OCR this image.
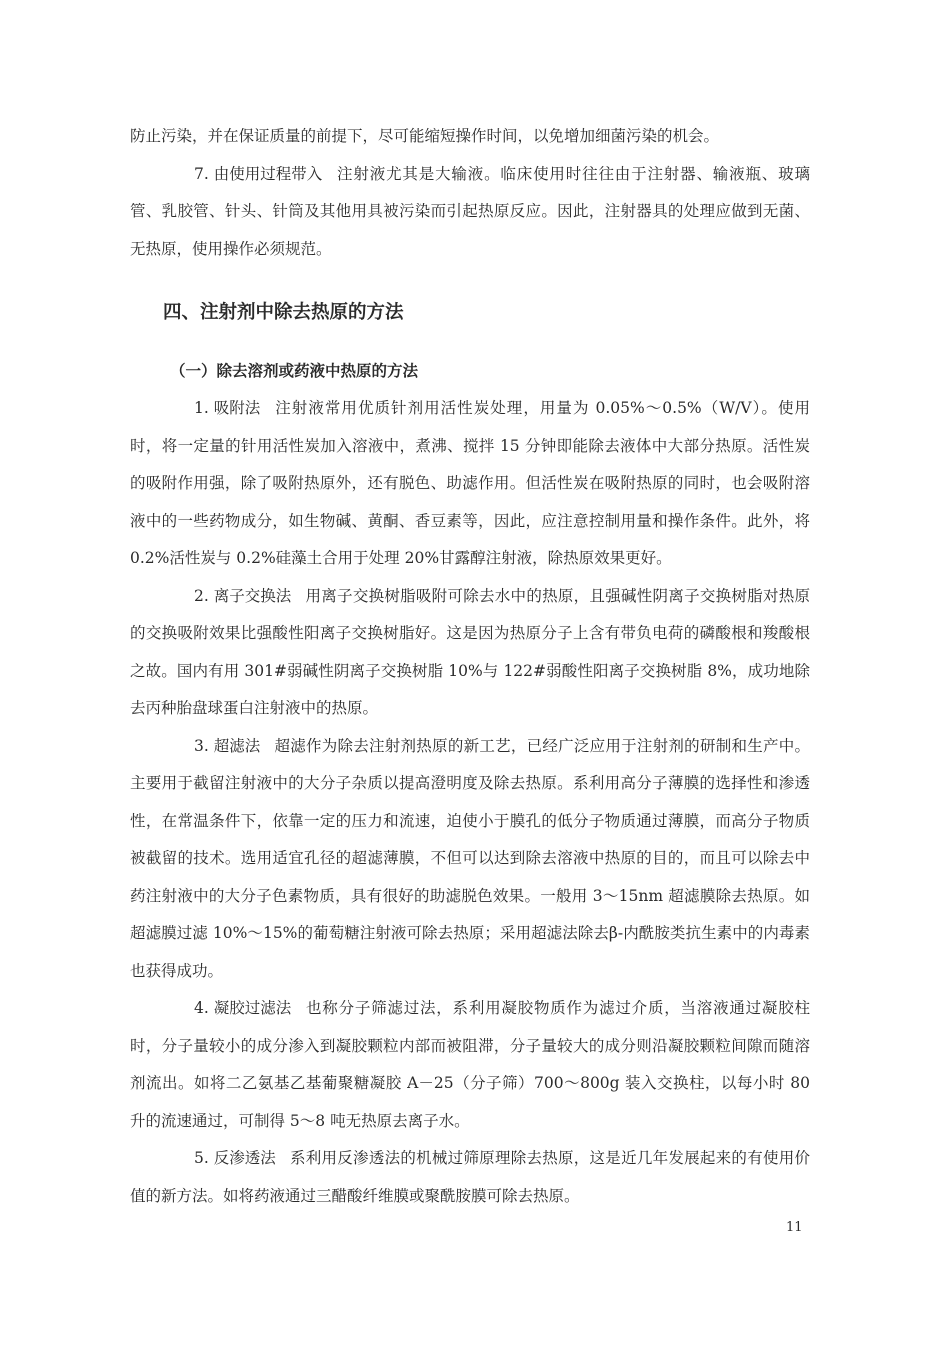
防止污染，并在保证质量的前提下，尽可能缩短操作时间，以免增加细菌污染的机会。

7. 由使用过程带入 注射液尤其是大输液。临床使用时往往由于注射器、输液瓶、玻璃管、乳胶管、针头、针筒及其他用具被污染而引起热原反应。因此，注射器具的处理应做到无菌、无热原，使用操作必须规范。

四、注射剂中除去热原的方法
（一）除去溶剂或药液中热原的方法

1. 吸附法 注射液常用优质针剂用活性炭处理，用量为 0.05%～0.5%（W/V）。使用时，将一定量的针用活性炭加入溶液中，煮沸、搅拌 15 分钟即能除去液体中大部分热原。活性炭的吸附作用强，除了吸附热原外，还有脱色、助滤作用。但活性炭在吸附热原的同时，也会吸附溶液中的一些药物成分，如生物碱、黄酮、香豆素等，因此，应注意控制用量和操作条件。此外，将 0.2%活性炭与 0.2%硅藻土合用于处理 20%甘露醇注射液，除热原效果更好。

2. 离子交换法 用离子交换树脂吸附可除去水中的热原，且强碱性阴离子交换树脂对热原的交换吸附效果比强酸性阳离子交换树脂好。这是因为热原分子上含有带负电荷的磷酸根和羧酸根之故。国内有用 301#弱碱性阴离子交换树脂 10%与 122#弱酸性阳离子交换树脂 8%，成功地除去丙种胎盘球蛋白注射液中的热原。

3. 超滤法 超滤作为除去注射剂热原的新工艺，已经广泛应用于注射剂的研制和生产中。主要用于截留注射液中的大分子杂质以提高澄明度及除去热原。系利用高分子薄膜的选择性和渗透性，在常温条件下，依靠一定的压力和流速，迫使小于膜孔的低分子物质通过薄膜，而高分子物质被截留的技术。选用适宜孔径的超滤薄膜，不但可以达到除去溶液中热原的目的，而且可以除去中药注射液中的大分子色素物质，具有很好的助滤脱色效果。一般用 3～15nm 超滤膜除去热原。如超滤膜过滤 10%～15%的葡萄糖注射液可除去热原；采用超滤法除去β-内酰胺类抗生素中的内毒素也获得成功。

4. 凝胶过滤法 也称分子筛滤过法，系利用凝胶物质作为滤过介质，当溶液通过凝胶柱时，分子量较小的成分渗入到凝胶颗粒内部而被阻滞，分子量较大的成分则沿凝胶颗粒间隙而随溶剂流出。如将二乙氨基乙基葡聚糖凝胶 A－25（分子筛）700～800g 装入交换柱，以每小时 80 升的流速通过，可制得 5～8 吨无热原去离子水。

5. 反渗透法 系利用反渗透法的机械过筛原理除去热原，这是近几年发展起来的有使用价值的新方法。如将药液通过三醋酸纤维膜或聚酰胺膜可除去热原。

11
